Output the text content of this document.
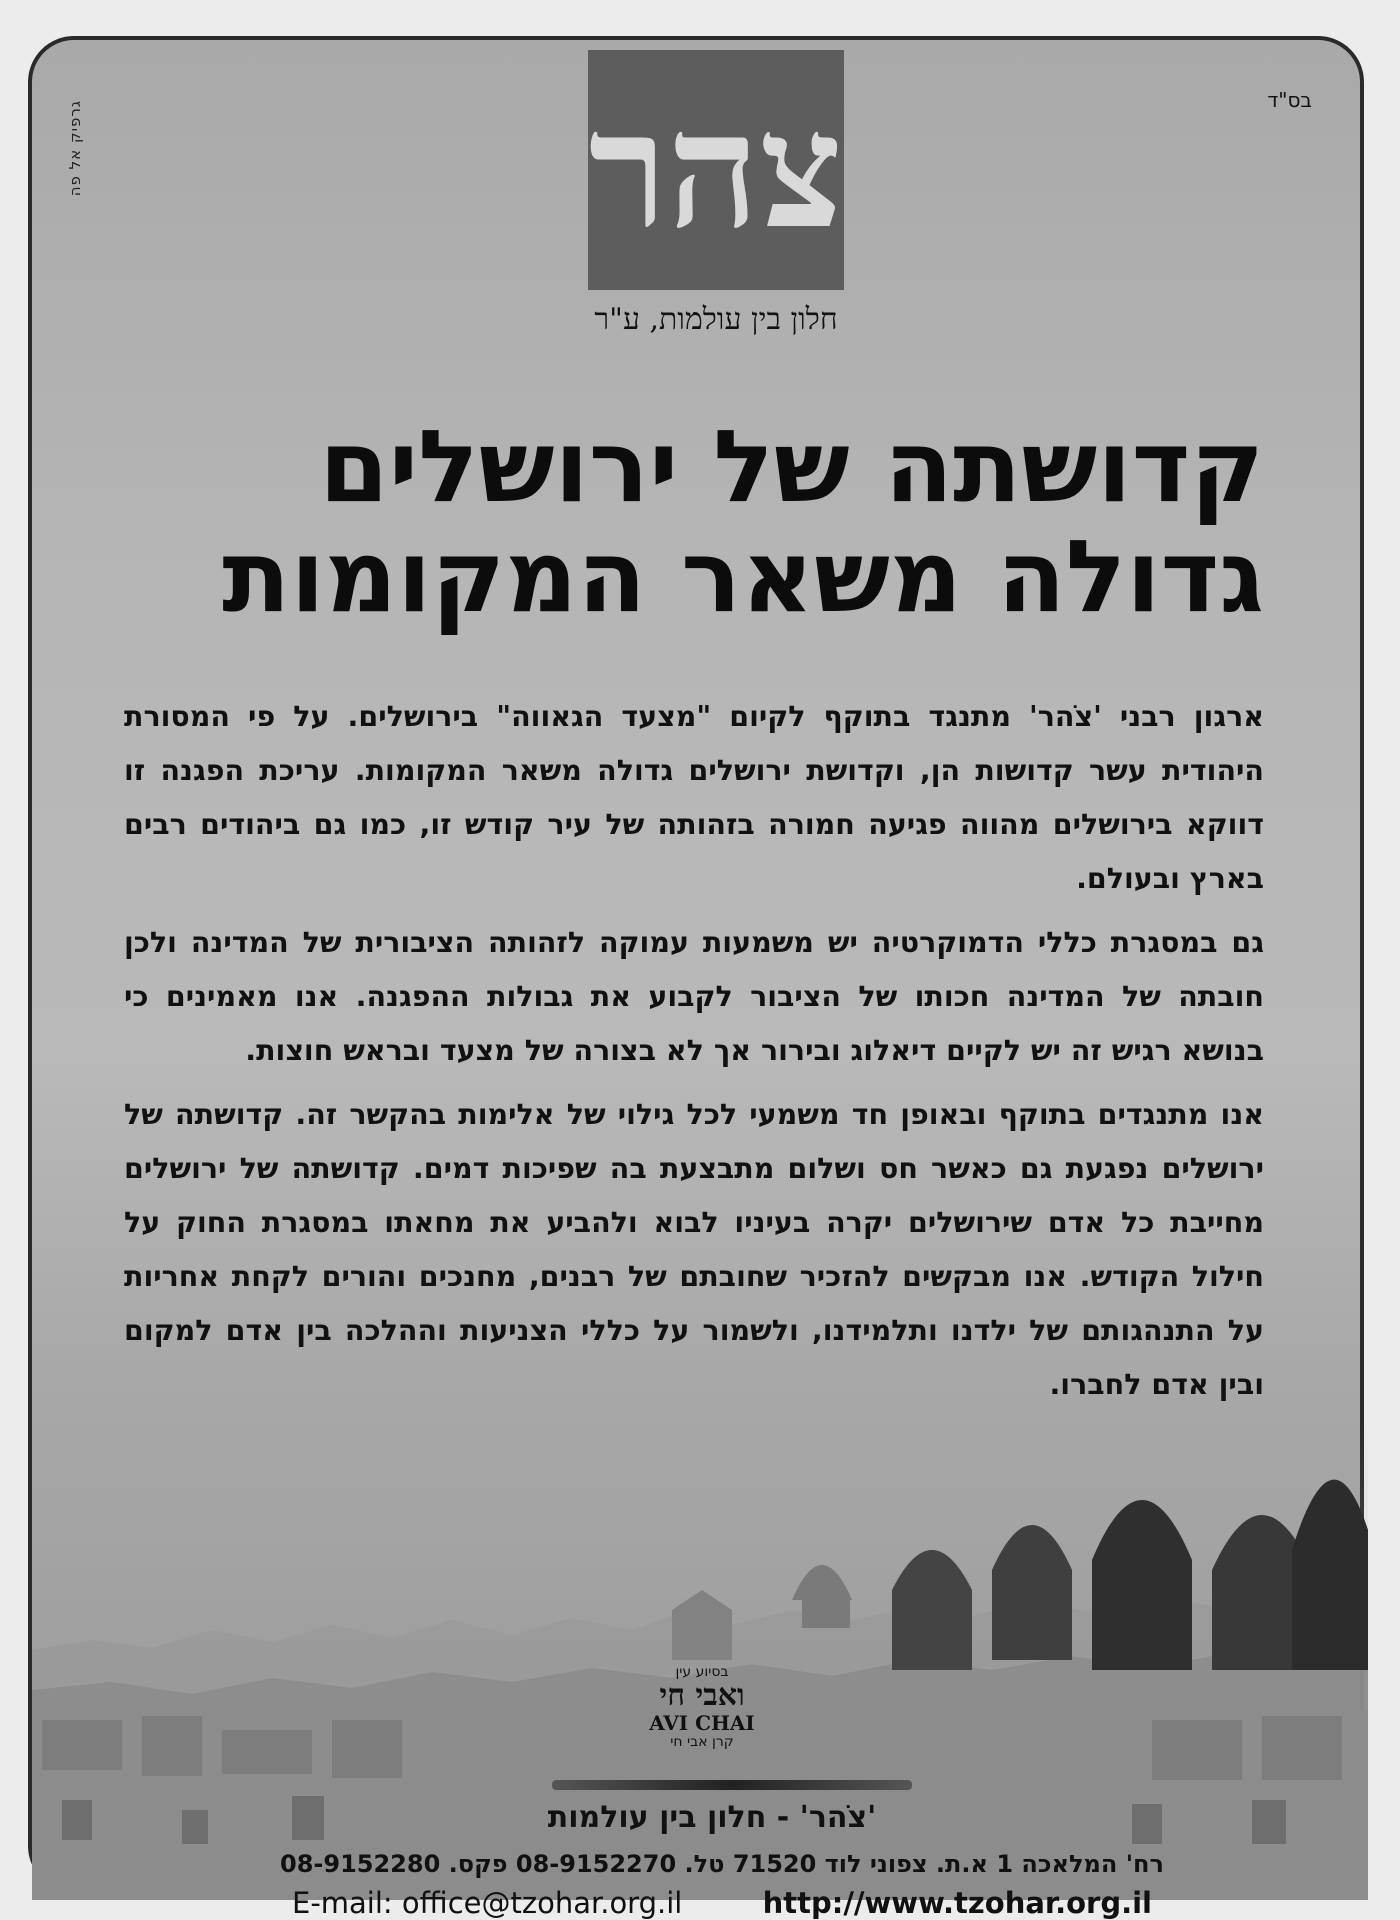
בס"ד
גרפיק אל פה	צהר
חלון בין עולמות, ע"ר
קדושתה של ירושלים
גדולה משאר המקומות

ארגון רבני 'צֹהר' מתנגד בתוקף לקיום "מצעד הגאווה" בירושלים. על פי המסורת היהודית עשר קדושות הן, וקדושת ירושלים גדולה משאר המקומות. עריכת הפגנה זו דווקא בירושלים מהווה פגיעה חמורה בזהותה של עיר קודש זו, כמו גם ביהודים רבים בארץ ובעולם.

גם במסגרת כללי הדמוקרטיה יש משמעות עמוקה לזהותה הציבורית של המדינה ולכן חובתה של המדינה חכותו של הציבור לקבוע את גבולות ההפגנה. אנו מאמינים כי בנושא רגיש זה יש לקיים דיאלוג ובירור אך לא בצורה של מצעד ובראש חוצות.

אנו מתנגדים בתוקף ובאופן חד משמעי לכל גילוי של אלימות בהקשר זה. קדושתה של ירושלים נפגעת גם כאשר חס ושלום מתבצעת בה שפיכות דמים. קדושתה של ירושלים מחייבת כל אדם שירושלים יקרה בעיניו לבוא ולהביע את מחאתו במסגרת החוק על חילול הקודש. אנו מבקשים להזכיר שחובתם של רבנים, מחנכים והורים לקחת אחריות על התנהגותם של ילדנו ותלמידנו, ולשמור על כללי הצניעות וההלכה בין אדם למקום ובין אדם לחברו.

בסיוע עין
ואבי חי
AVI CHAI
קרן אבי חי
'צֹהר' - חלון בין עולמות
רח' המלאכה 1 א.ת. צפוני לוד 71520 טל. 08-9152270 פקס. 08-9152280
E-mail: office@tzohar.org.il	http://www.tzohar.org.il
